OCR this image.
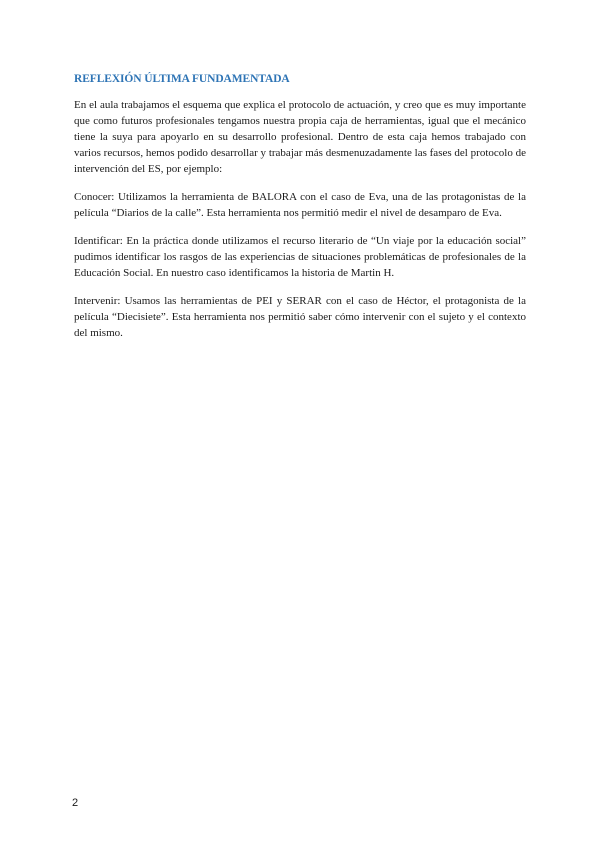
REFLEXIÓN ÚLTIMA FUNDAMENTADA

En el aula trabajamos el esquema que explica el protocolo de actuación, y creo que es muy importante que como futuros profesionales tengamos nuestra propia caja de herramientas, igual que el mecánico tiene la suya para apoyarlo en su desarrollo profesional. Dentro de esta caja hemos trabajado con varios recursos, hemos podido desarrollar y trabajar más desmenuzadamente las fases del protocolo de intervención del ES, por ejemplo:

Conocer: Utilizamos la herramienta de BALORA con el caso de Eva, una de las protagonistas de la película “Diarios de la calle”. Esta herramienta nos permitió medir el nivel de desamparo de Eva.

Identificar: En la práctica donde utilizamos el recurso literario de “Un viaje por la educación social” pudimos identificar los rasgos de las experiencias de situaciones problemáticas de profesionales de la Educación Social. En nuestro caso identificamos la historia de Martin H.

Intervenir: Usamos las herramientas de PEI y SERAR con el caso de Héctor, el protagonista de la película “Diecisiete”. Esta herramienta nos permitió saber cómo intervenir con el sujeto y el contexto del mismo.

2
